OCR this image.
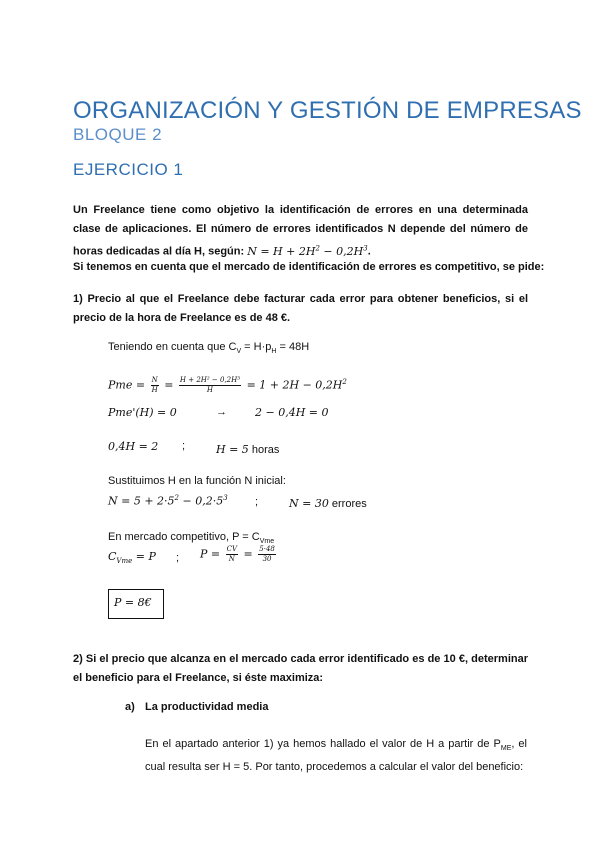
ORGANIZACIÓN Y GESTIÓN DE EMPRESAS
BLOQUE 2
EJERCICIO 1
Un Freelance tiene como objetivo la identificación de errores en una determinada clase de aplicaciones. El número de errores identificados N depende del número de horas dedicadas al día H, según: $N = H + 2H^2 - 0,2H^3$.
Si tenemos en cuenta que el mercado de identificación de errores es competitivo, se pide:
1) Precio al que el Freelance debe facturar cada error para obtener beneficios, si el precio de la hora de Freelance es de 48 €.
Teniendo en cuenta que $C_V = H\cdot p_H = 48H$
Pme = $\frac{N}{H} = \frac{\text{H + 2H² − 0,2H³}}{H} = 1 + 2H - 0,2H^2$
Pme'(H) = 0	→	2 − 0,4H = 0
0,4H = 2 ;	H = 5 horas
Sustituimos H en la función N inicial:
$N = 5 + 2\cdot 5^2 - 0,2\cdot 5^3$ ;	N = 30 errores
En mercado competitivo, $P = C_{Vme}$
$C_{Vme} = P$ ; $P = \frac{CV}{N} = \frac{5\cdot 48}{30}$
P = 8€
2) Si el precio que alcanza en el mercado cada error identificado es de 10 €, determinar el beneficio para el Freelance, si éste maximiza:
a) La productividad media
En el apartado anterior 1) ya hemos hallado el valor de H a partir de $P_{ME}$, el cual resulta ser H = 5. Por tanto, procedemos a calcular el valor del beneficio:
